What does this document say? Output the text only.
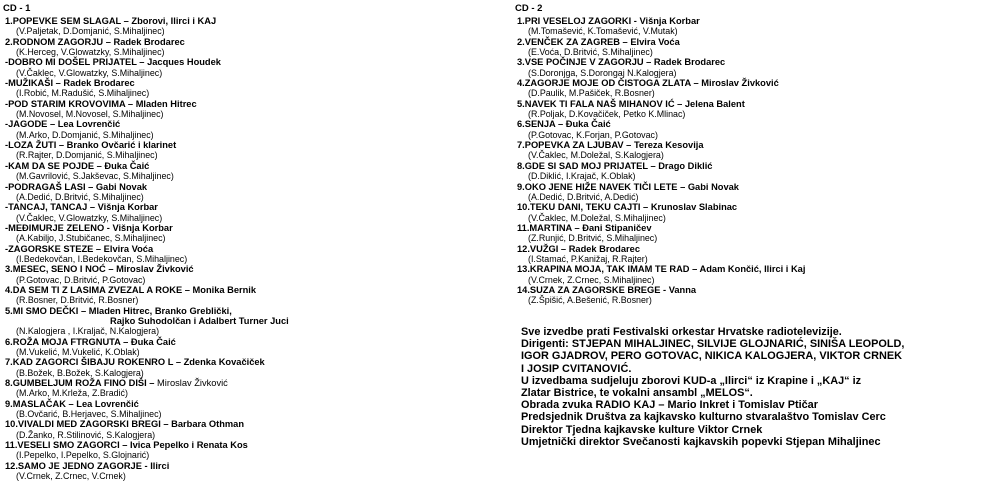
CD - 1
1.POPEVKE SEM SLAGAL – Zborovi, Ilirci i KAJ
(V.Paljetak, D.Domjanić, S.Mihaljinec)
2.RODNOM ZAGORJU – Radek Brodarec
(K.Herceg, V.Glowatzky, S.Mihaljinec)
-DOBRO MI DOŠEL PRIJATEL – Jacques Houdek
(V.Čaklec, V.Glowatzky, S.Mihaljinec)
-MUŽIKAŠI – Radek Brodarec
(I.Robić, M.Radušić, S.Mihaljinec)
-POD STARIM KROVOVIMA – Mladen Hitrec
(M.Novosel, M.Novosel, S.Mihaljinec)
-JAGODE – Lea Lovrenčić
(M.Arko, D.Domjanić, S.Mihaljinec)
-LOZA ŽUTI – Branko Ovčarić i klarinet
(R.Rajter, D.Domjanić, S.Mihaljinec)
-KAM DA SE POJDE – Đuka Čaić
(M.Gavrilović, S.Jakševac, S.Mihaljinec)
-PODRAGAŠ LASI – Gabi Novak
(A.Dedić, D.Britvić, S.Mihaljinec)
-TANCAJ, TANCAJ – Višnja Korbar
(V.Čaklec, V.Glowatzky, S.Mihaljinec)
-MEĐIMURJE ZELENO - Višnja Korbar
(A.Kabiljo, J.Stubičanec, S.Mihaljinec)
-ZAGORSKE STEZE – Elvira Voća
(I.Bedekovčan, I.Bedekovčan, S.Mihaljinec)
3.MESEC, SENO I NOĆ – Miroslav Živković
(P.Gotovac, D.Britvić, P.Gotovac)
4.DA SEM TI Z LASIMA ZVEZAL A ROKE – Monika Bernik
(R.Bosner, D.Britvić, R.Bosner)
5.MI SMO DEČKI – Mladen Hitrec, Branko Greblički,
Rajko Suhodolčan i Adalbert Turner Juci
(N.Kalogjera , I.Kraljač, N.Kalogjera)
6.ROŽA MOJA FTRGNUTA – Đuka Čaić
(M.Vukelić, M.Vukelić, K.Oblak)
7.KAD ZAGORCI ŠIBAJU ROKENRO L – Zdenka Kovačiček
(B.Božek, B.Božek, S.Kalogjera)
8.GUMBELJUM ROŽA FINO DIŠI – Miroslav Živković
(M.Arko, M.Krleža, Z.Bradić)
9.MASLAČAK – Lea Lovrenčić
(B.Ovčarić, B.Herjavec, S.Mihaljinec)
10.VIVALDI MED ZAGORSKI BREGI – Barbara Othman
(D.Žanko, R.Stilinović, S.Kalogjera)
11.VESELI SMO ZAGORCI – Ivica Pepelko i Renata Kos
(I.Pepelko, I.Pepelko, S.Glojnarić)
12.SAMO JE JEDNO ZAGORJE - Ilirci
(V.Crnek, Z.Crnec, V.Crnek)
CD - 2
1.PRI VESELOJ ZAGORKI - Višnja Korbar
(M.Tomašević, K.Tomašević, V.Mutak)
2.VENČEK ZA ZAGREB – Elvira Voća
(E.Voća, D.Britvić, S.Mihaljinec)
3.VSE POČINJE V ZAGORJU – Radek Brodarec
(S.Doronjga, S.Dorongaj N.Kalogjera)
4.ZAGORJE MOJE OD ČISTOGA ZLATA – Miroslav Živković
(D.Paulik, M.Pašiček, R.Bosner)
5.NAVEK TI FALA NAŠ MIHANOV IĆ – Jelena Balent
(R.Poljak, D.Kovačiček, Petko K.Mlinac)
6.SENJA – Đuka Čaić
(P.Gotovac, K.Forjan, P.Gotovac)
7.POPEVKA ZA LJUBAV – Tereza Kesovija
(V.Čaklec, M.Doležal, S.Kalogjera)
8.GDE SI SAD MOJ PRIJATEL – Drago Diklić
(D.Diklić, I.Krajač, K.Oblak)
9.OKO JENE HIŽE NAVEK TIČI LETE – Gabi Novak
(A.Dedić, D.Britvić, A.Dedić)
10.TEKU DANI, TEKU CAJTI – Krunoslav Slabinac
(V.Čaklec, M.Doležal, S.Mihaljinec)
11.MARTINA – Đani Stipaničev
(Z.Runjić, D.Britvić, S.Mihaljinec)
12.VUŽGI – Radek Brodarec
(I.Stamać, P.Kanižaj, R.Rajter)
13.KRAPINA MOJA, TAK IMAM TE RAD – Adam Končić, Ilirci i Kaj
(V.Crnek, Z.Crnec, S.Mihaljinec)
14.SUZA ZA ZAGORSKE BREGE - Vanna
(Z.Špišić, A.Bešenić, R.Bosner)
Sve izvedbe prati Festivalski orkestar Hrvatske radiotelevizije.
Dirigenti: STJEPAN MIHALJINEC, SILVIJE GLOJNARIĆ, SINIŠA LEOPOLD,
IGOR GJADROV, PERO GOTOVAC, NIKICA KALOGJERA, VIKTOR CRNEK
I JOSIP CVITANOVIĆ.
U izvedbama sudjeluju zborovi KUD-a „Ilirci“ iz Krapine i „KAJ“ iz
Zlatar Bistrice, te vokalni ansambl „MELOS“.
Obrada zvuka RADIO KAJ – Mario Inkret i Tomislav Ptičar
Predsjednik Društva za kajkavsko kulturno stvaralaštvo Tomislav Cerc
Direktor Tjedna kajkavske kulture Viktor Crnek
Umjetnički direktor Svečanosti kajkavskih popevki Stjepan Mihaljinec
